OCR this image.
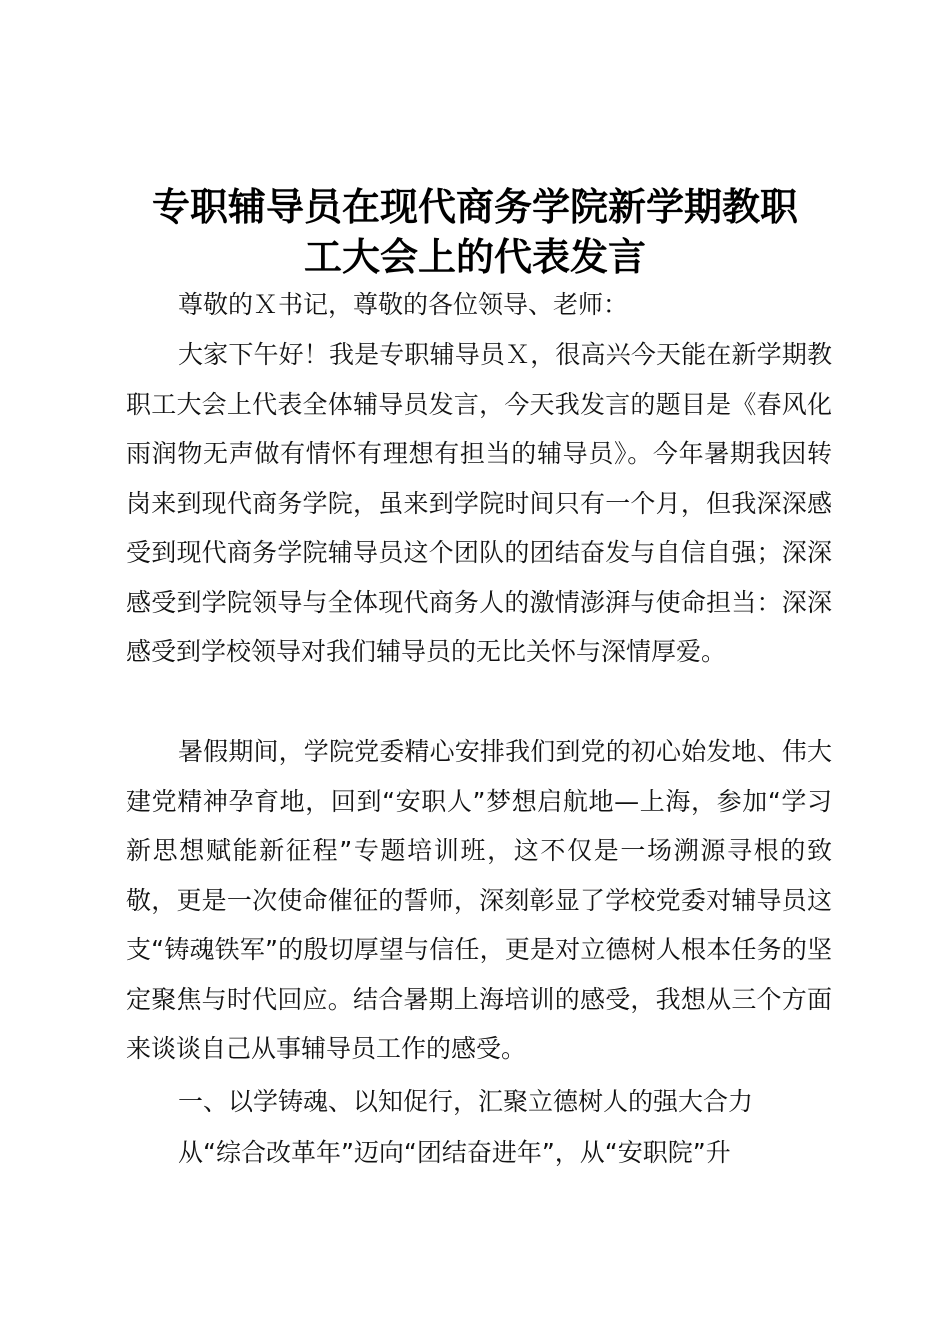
专职辅导员在现代商务学院新学期教职
工大会上的代表发言

尊敬的Ｘ书记，尊敬的各位领导、老师：

大家下午好！我是专职辅导员Ｘ，很高兴今天能在新学期教职工大会上代表全体辅导员发言，今天我发言的题目是《春风化雨润物无声做有情怀有理想有担当的辅导员》。今年暑期我因转岗来到现代商务学院，虽来到学院时间只有一个月，但我深深感受到现代商务学院辅导员这个团队的团结奋发与自信自强；深深感受到学院领导与全体现代商务人的激情澎湃与使命担当：深深感受到学校领导对我们辅导员的无比关怀与深情厚爱。

暑假期间，学院党委精心安排我们到党的初心始发地、伟大建党精神孕育地，回到“安职人”梦想启航地—上海，参加“学习新思想赋能新征程”专题培训班，这不仅是一场溯源寻根的致敬，更是一次使命催征的誓师，深刻彰显了学校党委对辅导员这支“铸魂铁军”的殷切厚望与信任，更是对立德树人根本任务的坚定聚焦与时代回应。结合暑期上海培训的感受，我想从三个方面来谈谈自己从事辅导员工作的感受。

一、以学铸魂、以知促行，汇聚立德树人的强大合力

从“综合改革年”迈向“团结奋进年”，从“安职院”升
